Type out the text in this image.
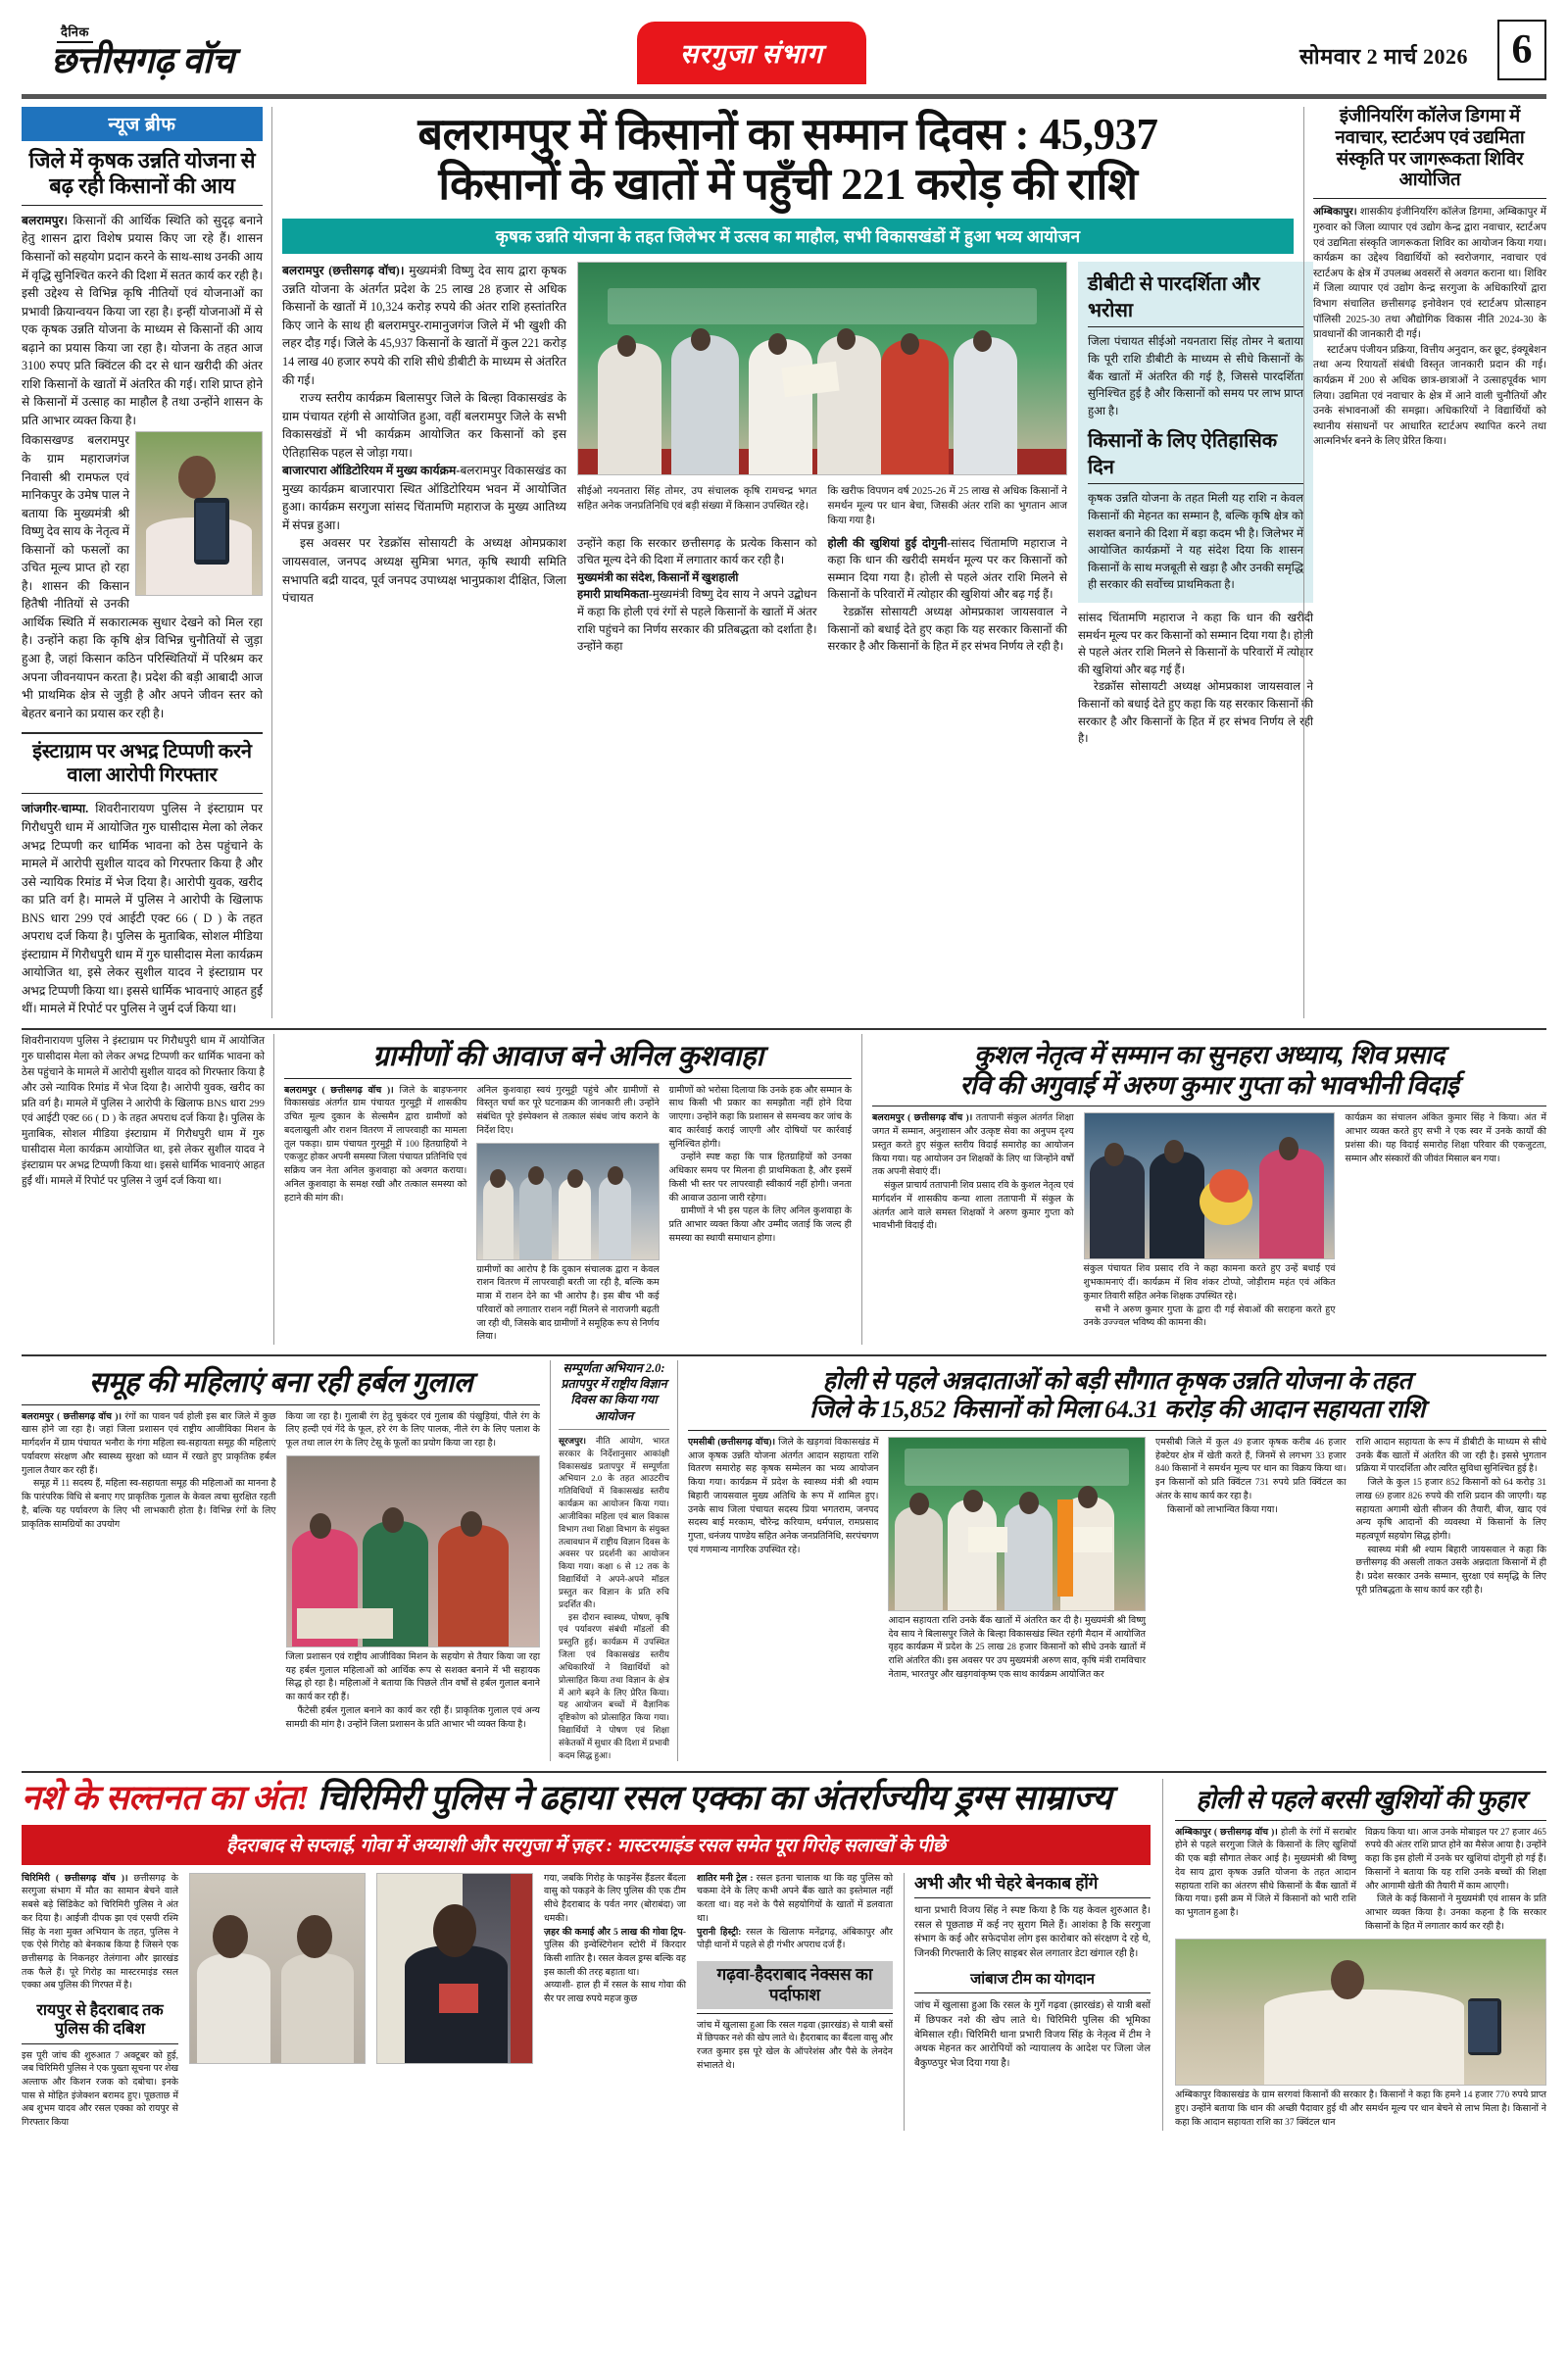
दैनिक
छत्तीसगढ़ वॉच	सरगुजा संभाग	सोमवार 2 मार्च 2026	6
न्यूज ब्रीफ
जिले में कृषक उन्नति योजना से बढ़ रही किसानों की आय
बलरामपुर। किसानों की आर्थिक स्थिति को सुदृढ़ बनाने हेतु शासन द्वारा विशेष प्रयास किए जा रहे हैं। शासन किसानों को सहयोग प्रदान करने के साथ-साथ उनकी आय में वृद्धि सुनिश्चित करने की दिशा में सतत कार्य कर रही है। इसी उद्देश्य से विभिन्न कृषि नीतियों एवं योजनाओं का प्रभावी क्रियान्वयन किया जा रहा है। इन्हीं योजनाओं में से एक कृषक उन्नति योजना के माध्यम से किसानों की आय बढ़ाने का प्रयास किया जा रहा है। योजना के तहत आज 3100 रुपए प्रति क्विंटल की दर से धान खरीदी की अंतर राशि किसानों के खातों में अंतरित की गई। राशि प्राप्त होने से किसानों में उत्साह का माहौल है तथा उन्होंने शासन के प्रति आभार व्यक्त किया है।
विकासखण्ड बलरामपुर के ग्राम महाराजगंज निवासी श्री रामफल एवं मानिकपुर के उमेष पाल ने बताया कि मुख्यमंत्री श्री विष्णु देव साय के नेतृत्व में किसानों को फसलों का उचित मूल्य प्राप्त हो रहा है। शासन की किसान हितैषी नीतियों से उनकी आर्थिक स्थिति में सकारात्मक सुधार देखने को मिल रहा है। उन्होंने कहा कि कृषि क्षेत्र विभिन्न चुनौतियों से जुड़ा हुआ है, जहां किसान कठिन परिस्थितियों में परिश्रम कर अपना जीवनयापन करता है। प्रदेश की बड़ी आबादी आज भी प्राथमिक क्षेत्र से जुड़ी है और अपने जीवन स्तर को बेहतर बनाने का प्रयास कर रही है।
इंस्टाग्राम पर अभद्र टिप्पणी करने वाला आरोपी गिरफ्तार
जांजगीर-चाम्पा. शिवरीनारायण पुलिस ने इंस्टाग्राम पर गिरौधपुरी धाम में आयोजित गुरु घासीदास मेला को लेकर अभद्र टिप्पणी कर धार्मिक भावना को ठेस पहुंचाने के मामले में आरोपी सुशील यादव को गिरफ्तार किया है और उसे न्यायिक रिमांड में भेज दिया है। आरोपी युवक, खरीद का प्रति वर्ग है। मामले में पुलिस ने आरोपी के खिलाफ BNS धारा 299 एवं आईटी एक्ट 66 ( D ) के तहत अपराध दर्ज किया है। पुलिस के मुताबिक, सोशल मीडिया इंस्टाग्राम में गिरौधपुरी धाम में गुरु घासीदास मेला कार्यक्रम आयोजित था, इसे लेकर सुशील यादव ने इंस्टाग्राम पर अभद्र टिप्पणी किया था। इससे धार्मिक भावनाएं आहत हुईं थीं। मामले में रिपोर्ट पर पुलिस ने जुर्म दर्ज किया था।
बलरामपुर में किसानों का सम्मान दिवस : 45,937
किसानों के खातों में पहुँची 221 करोड़ की राशि
कृषक उन्नति योजना के तहत जिलेभर में उत्सव का माहौल, सभी विकासखंडों में हुआ भव्य आयोजन
बलरामपुर (छत्तीसगढ़ वॉच)। मुख्यमंत्री विष्णु देव साय द्वारा कृषक उन्नति योजना के अंतर्गत प्रदेश के 25 लाख 28 हजार से अधिक किसानों के खातों में 10,324 करोड़ रुपये की अंतर राशि हस्तांतरित किए जाने के साथ ही बलरामपुर-रामानुजगंज जिले में भी खुशी की लहर दौड़ गई। जिले के 45,937 किसानों के खातों में कुल 221 करोड़ 14 लाख 40 हजार रुपये की राशि सीधे डीबीटी के माध्यम से अंतरित की गई।
राज्य स्तरीय कार्यक्रम बिलासपुर जिले के बिल्हा विकासखंड के ग्राम पंचायत रहंगी से आयोजित हुआ, वहीं बलरामपुर जिले के सभी विकासखंडों में भी कार्यक्रम आयोजित कर किसानों को इस ऐतिहासिक पहल से जोड़ा गया।
बाजारपारा ऑडिटोरियम में मुख्य कार्यक्रम-बलरामपुर विकासखंड का मुख्य कार्यक्रम बाजारपारा स्थित ऑडिटोरियम भवन में आयोजित हुआ। कार्यक्रम सरगुजा सांसद चिंतामणि महाराज के मुख्य आतिथ्य में संपन्न हुआ।
इस अवसर पर रेडक्रॉस सोसायटी के अध्यक्ष ओमप्रकाश जायसवाल, जनपद अध्यक्ष सुमित्रा भगत, कृषि स्थायी समिति सभापति बद्री यादव, पूर्व जनपद उपाध्यक्ष भानुप्रकाश दीक्षित, जिला पंचायत
सीईओ नयनतारा सिंह तोमर, उप संचालक कृषि रामचन्द्र भगत सहित अनेक जनप्रतिनिधि एवं बड़ी संख्या में किसान उपस्थित रहे।
कि खरीफ विपणन वर्ष 2025-26 में 25 लाख से अधिक किसानों ने समर्थन मूल्य पर धान बेचा, जिसकी अंतर राशि का भुगतान आज किया गया है।
उन्होंने कहा कि सरकार छत्तीसगढ़ के प्रत्येक किसान को उचित मूल्य देने की दिशा में लगातार कार्य कर रही है।
मुख्यमंत्री का संदेश, किसानों में खुशहाली
हमारी प्राथमिकता-मुख्यमंत्री विष्णु देव साय ने अपने उद्बोधन में कहा कि होली एवं रंगों से पहले किसानों के खातों में अंतर राशि पहुंचने का निर्णय सरकार की प्रतिबद्धता को दर्शाता है। उन्होंने कहा
होली की खुशियां हुई दोगुनी-सांसद चिंतामणि महाराज ने कहा कि धान की खरीदी समर्थन मूल्य पर कर किसानों को सम्मान दिया गया है। होली से पहले अंतर राशि मिलने से किसानों के परिवारों में त्योहार की खुशियां और बढ़ गई हैं।
रेडक्रॉस सोसायटी अध्यक्ष ओमप्रकाश जायसवाल ने किसानों को बधाई देते हुए कहा कि यह सरकार किसानों की सरकार है और किसानों के हित में हर संभव निर्णय ले रही है।
डीबीटी से पारदर्शिता और भरोसा
जिला पंचायत सीईओ नयनतारा सिंह तोमर ने बताया कि पूरी राशि डीबीटी के माध्यम से सीधे किसानों के बैंक खातों में अंतरित की गई है, जिससे पारदर्शिता सुनिश्चित हुई है और किसानों को समय पर लाभ प्राप्त हुआ है।
किसानों के लिए ऐतिहासिक दिन
कृषक उन्नति योजना के तहत मिली यह राशि न केवल किसानों की मेहनत का सम्मान है, बल्कि कृषि क्षेत्र को सशक्त बनाने की दिशा में बड़ा कदम भी है। जिलेभर में आयोजित कार्यक्रमों ने यह संदेश दिया कि शासन किसानों के साथ मजबूती से खड़ा है और उनकी समृद्धि ही सरकार की सर्वोच्च प्राथमिकता है।
सांसद चिंतामणि महाराज ने कहा कि धान की खरीदी समर्थन मूल्य पर कर किसानों को सम्मान दिया गया है। होली से पहले अंतर राशि मिलने से किसानों के परिवारों में त्योहार की खुशियां और बढ़ गई हैं।
रेडक्रॉस सोसायटी अध्यक्ष ओमप्रकाश जायसवाल ने किसानों को बधाई देते हुए कहा कि यह सरकार किसानों की सरकार है और किसानों के हित में हर संभव निर्णय ले रही है।
इंजीनियरिंग कॉलेज डिगमा में नवाचार, स्टार्टअप एवं उद्यमिता संस्कृति पर जागरूकता शिविर आयोजित
अम्बिकापुर। शासकीय इंजीनियरिंग कॉलेज डिगमा, अम्बिकापुर में गुरुवार को जिला व्यापार एवं उद्योग केन्द्र द्वारा नवाचार, स्टार्टअप एवं उद्यमिता संस्कृति जागरूकता शिविर का आयोजन किया गया। कार्यक्रम का उद्देश्य विद्यार्थियों को स्वरोजगार, नवाचार एवं स्टार्टअप के क्षेत्र में उपलब्ध अवसरों से अवगत कराना था। शिविर में जिला व्यापार एवं उद्योग केन्द्र सरगुजा के अधिकारियों द्वारा विभाग संचालित छत्तीसगढ़ इनोवेशन एवं स्टार्टअप प्रोत्साहन पॉलिसी 2025-30 तथा औद्योगिक विकास नीति 2024-30 के प्रावधानों की जानकारी दी गई।
स्टार्टअप पंजीयन प्रक्रिया, वित्तीय अनुदान, कर छूट, इंक्यूबेशन तथा अन्य रियायतों संबंधी विस्तृत जानकारी प्रदान की गई। कार्यक्रम में 200 से अधिक छात्र-छात्राओं ने उत्साहपूर्वक भाग लिया। उद्यमिता एवं नवाचार के क्षेत्र में आने वाली चुनौतियों और उनके संभावनाओं की समझा। अधिकारियों ने विद्यार्थियों को स्थानीय संसाधनों पर आधारित स्टार्टअप स्थापित करने तथा आत्मनिर्भर बनने के लिए प्रेरित किया।
शिवरीनारायण पुलिस ने इंस्टाग्राम पर गिरौधपुरी धाम में आयोजित गुरु घासीदास मेला को लेकर अभद्र टिप्पणी कर धार्मिक भावना को ठेस पहुंचाने के मामले में आरोपी सुशील यादव को गिरफ्तार किया है और उसे न्यायिक रिमांड में भेज दिया है। आरोपी युवक, खरीद का प्रति वर्ग है। मामले में पुलिस ने आरोपी के खिलाफ BNS धारा 299 एवं आईटी एक्ट 66 ( D ) के तहत अपराध दर्ज किया है। पुलिस के मुताबिक, सोशल मीडिया इंस्टाग्राम में गिरौधपुरी धाम में गुरु घासीदास मेला कार्यक्रम आयोजित था, इसे लेकर सुशील यादव ने इंस्टाग्राम पर अभद्र टिप्पणी किया था। इससे धार्मिक भावनाएं आहत हुईं थीं। मामले में रिपोर्ट पर पुलिस ने जुर्म दर्ज किया था।
ग्रामीणों की आवाज बने अनिल कुशवाहा
बलरामपुर ( छत्तीसगढ़ वॉच )। जिले के बाड़फनगर विकासखंड अंतर्गत ग्राम पंचायत गुरमुट्टी में शासकीय उचित मूल्य दुकान के सेल्समैन द्वारा ग्रामीणों को बदलाखुली और राशन वितरण में लापरवाही का मामला तूल पकड़ा। ग्राम पंचायत गुरमुट्टी में 100 हितग्राहियों ने एकजुट होकर अपनी समस्या जिला पंचायत प्रतिनिधि एवं सक्रिय जन नेता अनिल कुशवाहा को अवगत कराया। अनिल कुशवाहा के समक्ष रखी और तत्काल समस्या को हटाने की मांग की।
अनिल कुशवाहा स्वयं गुरमुट्टी पहुंचे और ग्रामीणों से विस्तृत चर्चा कर पूरे घटनाक्रम की जानकारी ली। उन्होंने संबंधित पूरे इंस्पेक्शन से तत्काल संबंध जांच कराने के निर्देश दिए।
ग्रामीणों का आरोप है कि दुकान संचालक द्वारा न केवल राशन वितरण में लापरवाही बरती जा रही है, बल्कि कम मात्रा में राशन देने का भी आरोप है। इस बीच भी कई परिवारों को लगातार राशन नहीं मिलने से नाराजगी बढ़ती जा रही थी, जिसके बाद ग्रामीणों ने समूहिक रूप से निर्णय लिया।
ग्रामीणों को भरोसा दिलाया कि उनके हक और सम्मान के साथ किसी भी प्रकार का समझौता नहीं होने दिया जाएगा। उन्होंने कहा कि प्रशासन से समन्वय कर जांच के बाद कार्रवाई कराई जाएगी और दोषियों पर कार्रवाई सुनिश्चित होगी।
उन्होंने स्पष्ट कहा कि पात्र हितग्राहियों को उनका अधिकार समय पर मिलना ही प्राथमिकता है, और इसमें किसी भी स्तर पर लापरवाही स्वीकार्य नहीं होगी। जनता की आवाज उठाना जारी रहेगा।
ग्रामीणों ने भी इस पहल के लिए अनिल कुशवाहा के प्रति आभार व्यक्त किया और उम्मीद जताई कि जल्द ही समस्या का स्थायी समाधान होगा।
कुशल नेतृत्व में सम्मान का सुनहरा अध्याय, शिव प्रसाद
रवि की अगुवाई में अरुण कुमार गुप्ता को भावभीनी विदाई
बलरामपुर ( छत्तीसगढ़ वॉच )। ततापानी संकुल अंतर्गत शिक्षा जगत में सम्मान, अनुशासन और उत्कृष्ट सेवा का अनुपम दृश्य प्रस्तुत करते हुए संकुल स्तरीय विदाई समारोह का आयोजन किया गया। यह आयोजन उन शिक्षकों के लिए था जिन्होंने वर्षों तक अपनी सेवाएं दीं।
संकुल प्राचार्य ततापानी शिव प्रसाद रवि के कुशल नेतृत्व एवं मार्गदर्शन में शासकीय कन्या शाला ततापानी में संकुल के अंतर्गत आने वाले समस्त शिक्षकों ने अरुण कुमार गुप्ता को भावभीनी विदाई दी।
संकुल पंचायत शिव प्रसाद रवि ने कहा कामना करते हुए उन्हें बधाई एवं शुभकामनाएं दीं। कार्यक्रम में शिव शंकर टोप्पो, जोड़ीराम महंत एवं अंकित कुमार तिवारी सहित अनेक शिक्षक उपस्थित रहे।
सभी ने अरुण कुमार गुप्ता के द्वारा दी गई सेवाओं की सराहना करते हुए उनके उज्ज्वल भविष्य की कामना की।
कार्यक्रम का संचालन अंकित कुमार सिंह ने किया। अंत में आभार व्यक्त करते हुए सभी ने एक स्वर में उनके कार्यों की प्रशंसा की। यह विदाई समारोह शिक्षा परिवार की एकजुटता, सम्मान और संस्कारों की जीवंत मिसाल बन गया।
समूह की महिलाएं बना रही हर्बल गुलाल
बलरामपुर ( छत्तीसगढ़ वॉच )। रंगों का पावन पर्व होली इस बार जिले में कुछ खास होने जा रहा है। जहां जिला प्रशासन एवं राष्ट्रीय आजीविका मिशन के मार्गदर्शन में ग्राम पंचायत भनौरा के गंगा महिला स्व-सहायता समूह की महिलाएं पर्यावरण संरक्षण और स्वास्थ्य सुरक्षा को ध्यान में रखते हुए प्राकृतिक हर्बल गुलाल तैयार कर रही हैं।
समूह में 11 सदस्य हैं, महिला स्व-सहायता समूह की महिलाओं का मानना है कि पारंपरिक विधि से बनाए गए प्राकृतिक गुलाल के केवल त्वचा सुरक्षित रहती है, बल्कि यह पर्यावरण के लिए भी लाभकारी होता है। विभिन्न रंगों के लिए प्राकृतिक सामग्रियों का उपयोग
किया जा रहा है। गुलाबी रंग हेतु चुकंदर एवं गुलाब की पंखुड़ियां, पीले रंग के लिए हल्दी एवं गेंदे के फूल, हरे रंग के लिए पालक, नीले रंग के लिए पलाश के फूल तथा लाल रंग के लिए टेसू के फूलों का प्रयोग किया जा रहा है।
जिला प्रशासन एवं राष्ट्रीय आजीविका मिशन के सहयोग से तैयार किया जा रहा यह हर्बल गुलाल महिलाओं को आर्थिक रूप से सशक्त बनाने में भी सहायक सिद्ध हो रहा है। महिलाओं ने बताया कि पिछले तीन वर्षों से हर्बल गुलाल बनाने का कार्य कर रही हैं।
फैंटेसी हर्बल गुलाल बनाने का कार्य कर रही हैं। प्राकृतिक गुलाल एवं अन्य सामग्री की मांग है। उन्होंने जिला प्रशासन के प्रति आभार भी व्यक्त किया है।
सम्पूर्णता अभियान 2.0: प्रतापपुर में राष्ट्रीय विज्ञान दिवस का किया गया आयोजन
सूरजपुर। नीति आयोग, भारत सरकार के निर्देशानुसार आकांक्षी विकासखंड प्रतापपुर में सम्पूर्णता अभियान 2.0 के तहत आउटरीच गतिविधियों में विकासखंड स्तरीय कार्यक्रम का आयोजन किया गया। आजीविका महिला एवं बाल विकास विभाग तथा शिक्षा विभाग के संयुक्त तत्वावधान में राष्ट्रीय विज्ञान दिवस के अवसर पर प्रदर्शनी का आयोजन किया गया। कक्षा 6 से 12 तक के विद्यार्थियों ने अपने-अपने मॉडल प्रस्तुत कर विज्ञान के प्रति रुचि प्रदर्शित की।
इस दौरान स्वास्थ्य, पोषण, कृषि एवं पर्यावरण संबंधी मॉडलों की प्रस्तुति हुई। कार्यक्रम में उपस्थित जिला एवं विकासखंड स्तरीय अधिकारियों ने विद्यार्थियों को प्रोत्साहित किया तथा विज्ञान के क्षेत्र में आगे बढ़ने के लिए प्रेरित किया। यह आयोजन बच्चों में वैज्ञानिक दृष्टिकोण को प्रोत्साहित किया गया। विद्यार्थियों ने पोषण एवं शिक्षा संकेतकों में सुधार की दिशा में प्रभावी कदम सिद्ध हुआ।
होली से पहले अन्नदाताओं को बड़ी सौगात कृषक उन्नति योजना के तहत
जिले के 15,852 किसानों को मिला 64.31 करोड़ की आदान सहायता राशि
एमसीबी (छत्तीसगढ़ वॉच)। जिले के खड़गवां विकासखंड में आज कृषक उन्नति योजना अंतर्गत आदान सहायता राशि वितरण समारोह सह कृषक सम्मेलन का भव्य आयोजन किया गया। कार्यक्रम में प्रदेश के स्वास्थ्य मंत्री श्री श्याम बिहारी जायसवाल मुख्य अतिथि के रूप में शामिल हुए। उनके साथ जिला पंचायत सदस्य प्रिया भगतराम, जनपद सदस्य बाई मरकाम, चौरेन्द्र करियाम, धर्मपाल, रामप्रसाद गुप्ता, धनंजय पाण्डेय सहित अनेक जनप्रतिनिधि, सरपंचगण एवं गणमान्य नागरिक उपस्थित रहे।
आदान सहायता राशि उनके बैंक खातों में अंतरित कर दी है। मुख्यमंत्री श्री विष्णु देव साय ने बिलासपुर जिले के बिल्हा विकासखंड स्थित रहंगी मैदान में आयोजित वृहद कार्यक्रम में प्रदेश के 25 लाख 28 हजार किसानों को सीधे उनके खातों में राशि अंतरित की। इस अवसर पर उप मुख्यमंत्री अरुण साव, कृषि मंत्री रामविचार नेताम, भारतपुर और खड़गवांकृष्म एक साथ कार्यक्रम आयोजित कर
एमसीबी जिले में कुल 49 हजार कृषक करीब 46 हजार हेक्टेयर क्षेत्र में खेती करते हैं, जिनमें से लगभग 33 हजार 840 किसानों ने समर्थन मूल्य पर धान का विक्रय किया था। इन किसानों को प्रति क्विंटल 731 रुपये प्रति क्विंटल का अंतर के साथ कार्य कर रहा है।
किसानों को लाभान्वित किया गया।
राशि आदान सहायता के रूप में डीबीटी के माध्यम से सीधे उनके बैंक खातों में अंतरित की जा रही है। इससे भुगतान प्रक्रिया में पारदर्शिता और त्वरित सुविधा सुनिश्चित हुई है।
जिले के कुल 15 हजार 852 किसानों को 64 करोड़ 31 लाख 69 हजार 826 रुपये की राशि प्रदान की जाएगी। यह सहायता अगामी खेती सीजन की तैयारी, बीज, खाद एवं अन्य कृषि आदानों की व्यवस्था में किसानों के लिए महत्वपूर्ण सहयोग सिद्ध होगी।
स्वास्थ्य मंत्री श्री श्याम बिहारी जायसवाल ने कहा कि छत्तीसगढ़ की असली ताकत उसके अन्नदाता किसानों में ही है। प्रदेश सरकार उनके सम्मान, सुरक्षा एवं समृद्धि के लिए पूरी प्रतिबद्धता के साथ कार्य कर रही है।
नशे के सल्तनत का अंत! चिरिमिरी पुलिस ने ढहाया रसल एक्का का अंतर्राज्यीय ड्रग्स साम्राज्य
हैदराबाद से सप्लाई, गोवा में अय्याशी और सरगुजा में ज़हर : मास्टरमाइंड रसल समेत पूरा गिरोह सलाखों के पीछे
चिरिमिरी ( छत्तीसगढ़ वॉच )। छत्तीसगढ़ के सरगुजा संभाग में मौत का सामान बेचने वाले सबसे बड़े सिंडिकेट को चिरिमिरी पुलिस ने अंत कर दिया है। आईजी दीपक झा एवं एसपी रश्मि सिंह के नशा मुक्त अभियान के तहत, पुलिस ने एक ऐसे गिरोह को बेनकाब किया है जिसने एक छत्तीसगढ़ के निकनहर तेलंगाना और झारखंड तक फैले हैं। पूरे गिरोह का मास्टरमाइंड रसल एक्का अब पुलिस की गिरफ्त में है।
रायपुर से हैदराबाद तक पुलिस की दबिश
इस पूरी जांच की शुरुआत 7 अक्टूबर को हुई, जब चिरिमिरी पुलिस ने एक पुख्ता सूचना पर शेख अल्ताफ और किशन रजक को दबोचा। इनके पास से मोहित इंजेक्शन बरामद हुए। पूछताछ में अब शुभम यादव और रसल एक्का को रायपुर से गिरफ्तार किया
गया, जबकि गिरोह के फाइनेंस हैंडलर बैंदला वासु को पकड़ने के लिए पुलिस की एक टीम सीधे हैदराबाद के पर्वत नगर (बोराबंदा) जा धमकी।
ज़हर की कमाई और 5 लाख की गोवा ट्रिप-पुलिस की इन्वेस्टिगेशन स्टोरी में किरदार किसी शातिर है। रसल केवल ड्रग्स बल्कि वह इस काली की तरह बहाता था।
अय्याशी- हाल ही में रसल के साथ गोवा की सैर पर लाख रुपये महज कुछ
शातिर मनी ट्रेल : रसल इतना चालाक था कि वह पुलिस को चकमा देने के लिए कभी अपने बैंक खाते का इस्तेमाल नहीं करता था। वह नशे के पैसे सहयोगियों के खातों में डलवाता था।
पुरानी हिस्ट्री: रसल के खिलाफ मनेंद्रगढ़, अंबिकापुर और पोड़ी थानों में पहले से ही गंभीर अपराध दर्ज हैं।
गढ़वा-हैदराबाद नेक्सस का पर्दाफाश
जांच में खुलासा हुआ कि रसल गढ़वा (झारखंड) से यात्री बसों में छिपकर नशे की खेप लाते थे। हैदराबाद का बैंदला वासु और रजत कुमार इस पूरे खेल के ऑपरेशंस और पैसे के लेनदेन संभालते थे।
अभी और भी चेहरे बेनकाब होंगे
थाना प्रभारी विजय सिंह ने स्पष्ट किया है कि यह केवल शुरुआत है। रसल से पूछताछ में कई नए सुराग मिले हैं। आशंका है कि सरगुजा संभाग के कई और सफेदपोश लोग इस कारोबार को संरक्षण दे रहे थे, जिनकी गिरफ्तारी के लिए साइबर सेल लगातार डेटा खंगाल रही है।
जांबाज टीम का योगदान
जांच में खुलासा हुआ कि रसल के गुर्गे गढ़वा (झारखंड) से यात्री बसों में छिपकर नशे की खेप लाते थे। चिरिमिरी पुलिस की भूमिका बेमिसाल रही। चिरिमिरी थाना प्रभारी विजय सिंह के नेतृत्व में टीम ने अथक मेहनत कर आरोपियों को न्यायालय के आदेश पर जिला जेल बैकुण्ठपुर भेज दिया गया है।
होली से पहले बरसी खुशियों की फुहार
अम्बिकापुर ( छत्तीसगढ़ वॉच )। होली के रंगों में सराबोर होने से पहले सरगुजा जिले के किसानों के लिए खुशियों की एक बड़ी सौगात लेकर आई है। मुख्यमंत्री श्री विष्णु देव साय द्वारा कृषक उन्नति योजना के तहत आदान सहायता राशि का अंतरण सीधे किसानों के बैंक खातों में किया गया। इसी क्रम में जिले में किसानों को भारी राशि का भुगतान हुआ है।
विक्रय किया था। आज उनके मोबाइल पर 27 हजार 465 रुपये की अंतर राशि प्राप्त होने का मैसेज आया है। उन्होंने कहा कि इस होली में उनके घर खुशियां दोगुनी हो गई हैं। किसानों ने बताया कि यह राशि उनके बच्चों की शिक्षा और आगामी खेती की तैयारी में काम आएगी।
जिले के कई किसानों ने मुख्यमंत्री एवं शासन के प्रति आभार व्यक्त किया है। उनका कहना है कि सरकार किसानों के हित में लगातार कार्य कर रही है।
अम्बिकापुर विकासखंड के ग्राम सरगवां किसानों की सरकार है। किसानों ने कहा कि हमने 14 हजार 770 रुपये प्राप्त हुए। उन्होंने बताया कि धान की अच्छी पैदावार हुई थी और समर्थन मूल्य पर धान बेचने से लाभ मिला है। किसानों ने कहा कि आदान सहायता राशि का 37 क्विंटल धान
